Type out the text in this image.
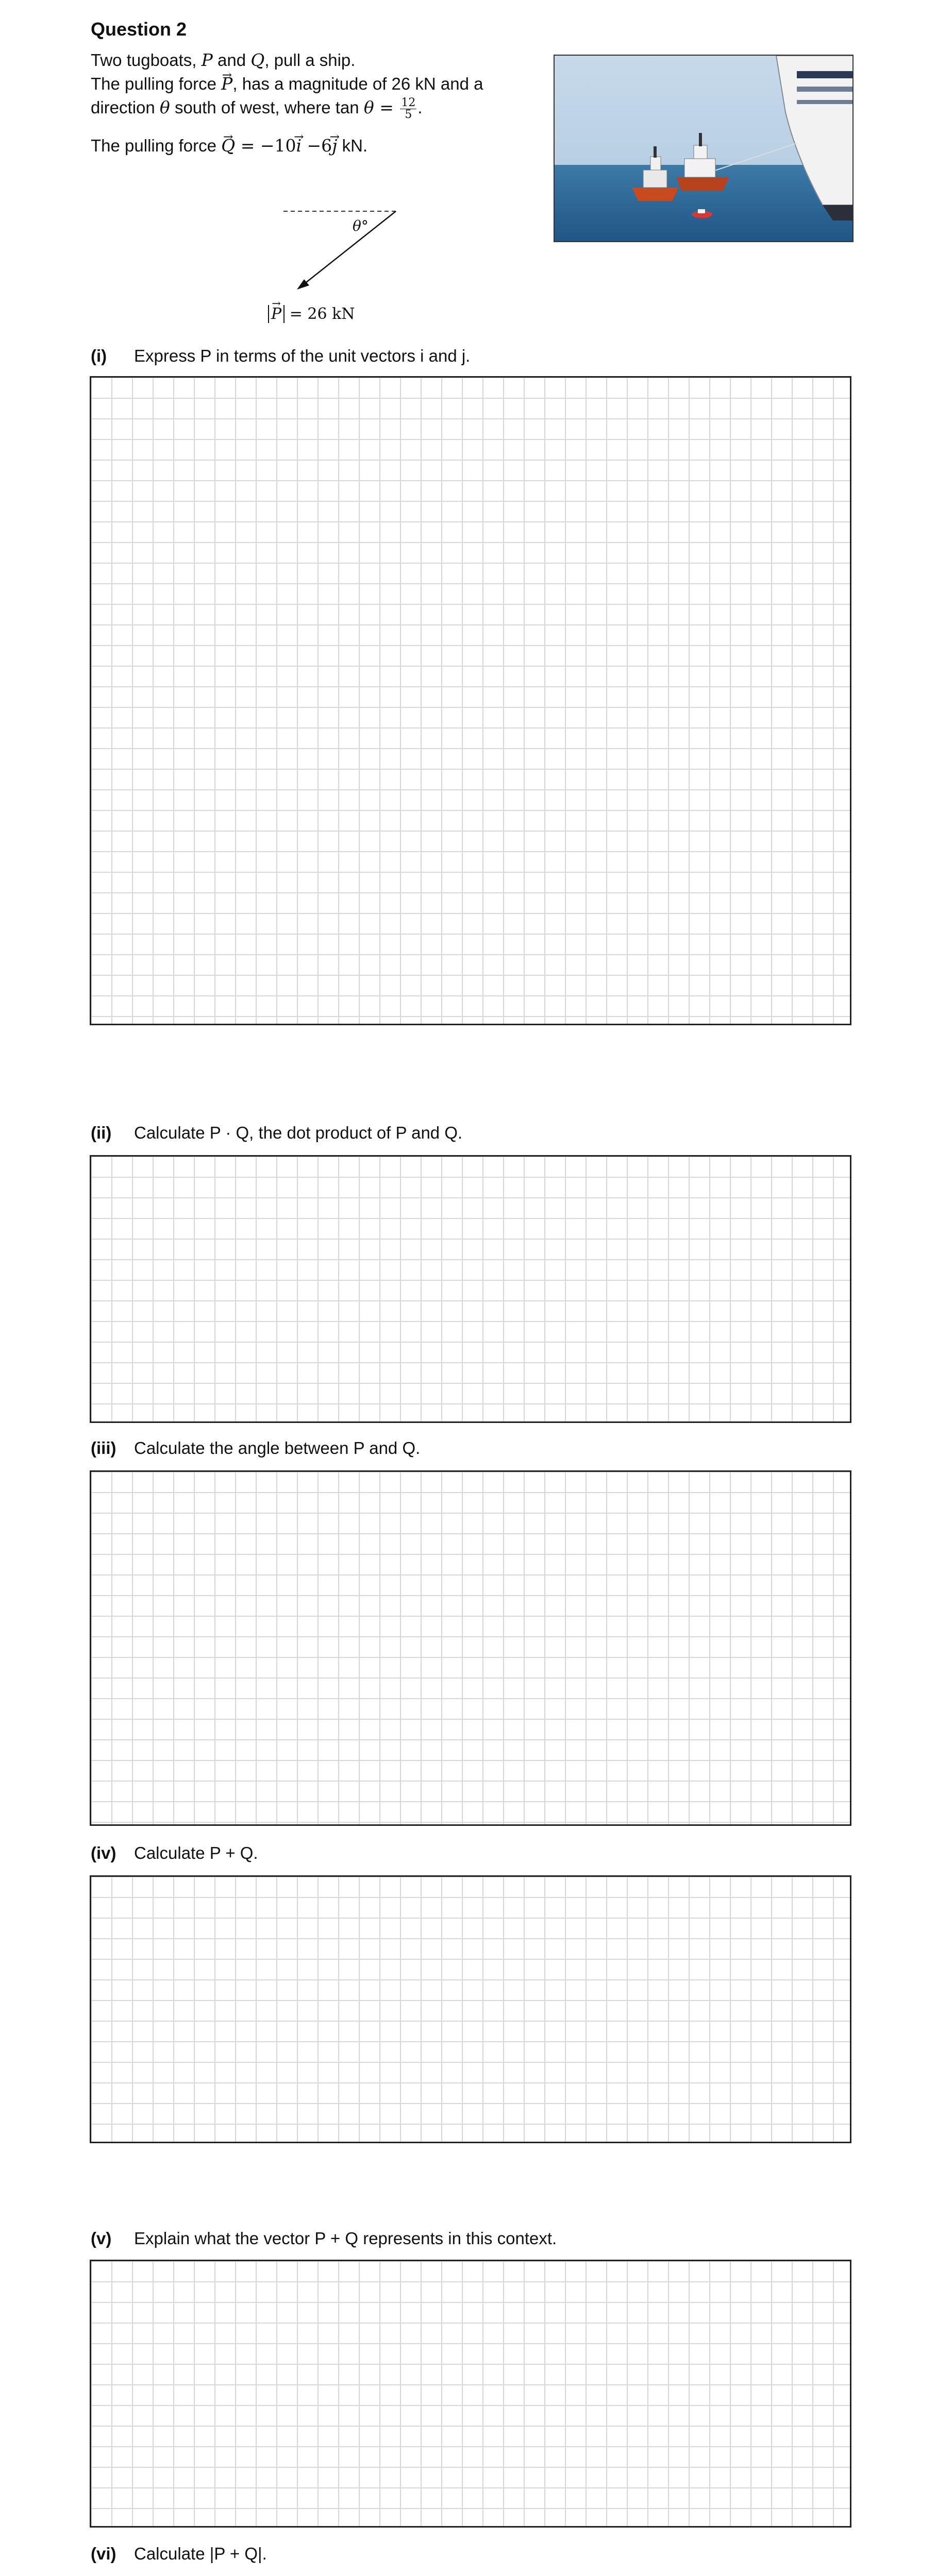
Question 2
Two tugboats, P and Q, pull a ship.
The pulling force → P, has a magnitude of 26 kN and a
direction θ south of west, where $\tan \theta = \frac{12}{5}$ .
The pulling force → Q = −10→ i −6→ j kN.
θ°
→ P = 26 kN
(i) Express P in terms of the unit vectors i and j.
(ii) Calculate P · Q, the dot product of P and Q.
(iii) Calculate the angle between P and Q.
(iv) Calculate P + Q.
(v) Explain what the vector P + Q represents in this context.
(vi) Calculate |P + Q|.
